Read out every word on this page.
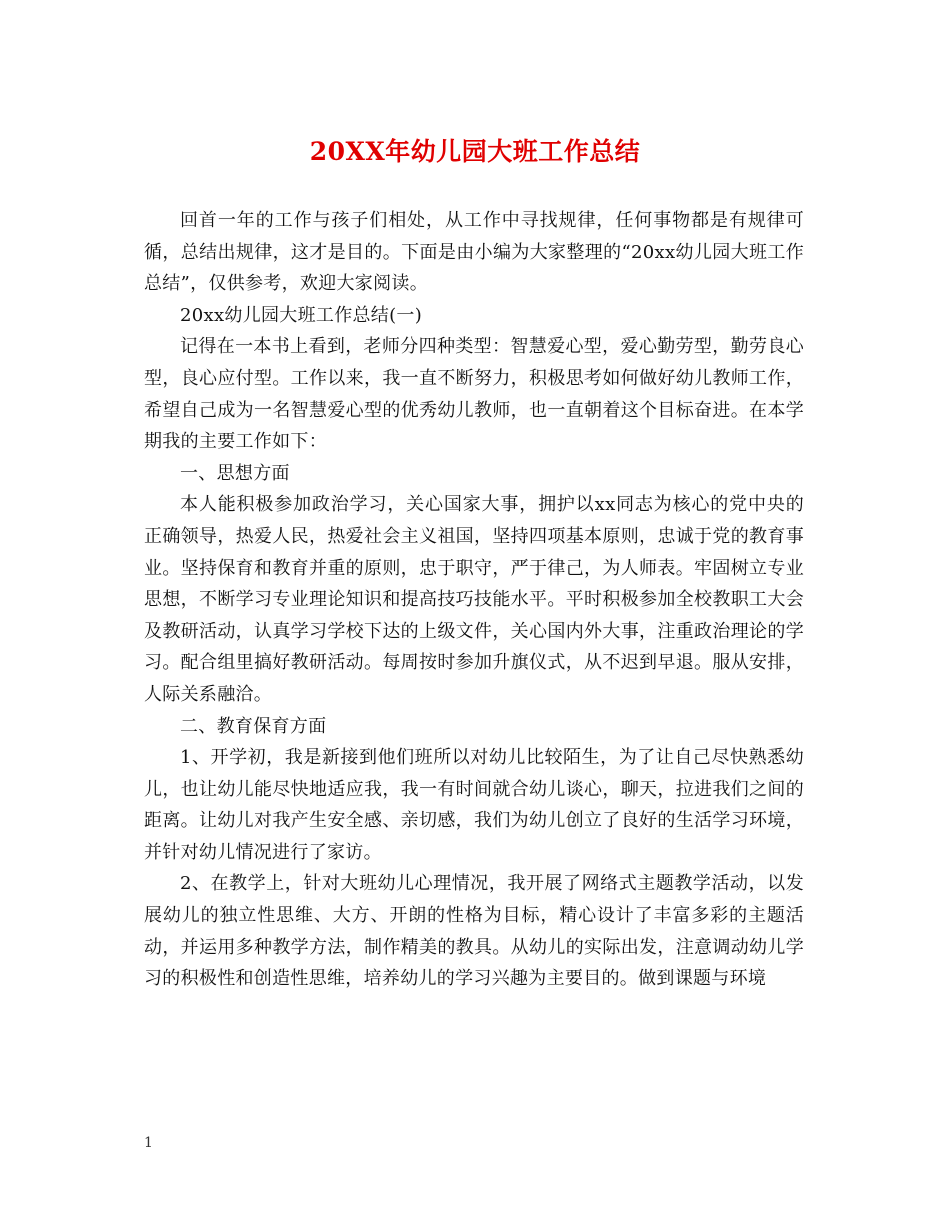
20XX年幼儿园大班工作总结

回首一年的工作与孩子们相处，从工作中寻找规律，任何事物都是有规律可循，总结出规律，这才是目的。下面是由小编为大家整理的“20xx幼儿园大班工作总结”，仅供参考，欢迎大家阅读。

20xx幼儿园大班工作总结(一)

记得在一本书上看到，老师分四种类型：智慧爱心型，爱心勤劳型，勤劳良心型，良心应付型。工作以来，我一直不断努力，积极思考如何做好幼儿教师工作，希望自己成为一名智慧爱心型的优秀幼儿教师，也一直朝着这个目标奋进。在本学期我的主要工作如下：

一、思想方面

本人能积极参加政治学习，关心国家大事，拥护以xx同志为核心的党中央的正确领导，热爱人民，热爱社会主义祖国，坚持四项基本原则，忠诚于党的教育事业。坚持保育和教育并重的原则，忠于职守，严于律己，为人师表。牢固树立专业思想，不断学习专业理论知识和提高技巧技能水平。平时积极参加全校教职工大会及教研活动，认真学习学校下达的上级文件，关心国内外大事，注重政治理论的学习。配合组里搞好教研活动。每周按时参加升旗仪式，从不迟到早退。服从安排，人际关系融洽。

二、教育保育方面

1、开学初，我是新接到他们班所以对幼儿比较陌生，为了让自己尽快熟悉幼儿，也让幼儿能尽快地适应我，我一有时间就合幼儿谈心，聊天，拉进我们之间的距离。让幼儿对我产生安全感、亲切感，我们为幼儿创立了良好的生活学习环境，并针对幼儿情况进行了家访。

2、在教学上，针对大班幼儿心理情况，我开展了网络式主题教学活动，以发展幼儿的独立性思维、大方、开朗的性格为目标，精心设计了丰富多彩的主题活动，并运用多种教学方法，制作精美的教具。从幼儿的实际出发，注意调动幼儿学习的积极性和创造性思维，培养幼儿的学习兴趣为主要目的。做到课题与环境

1
